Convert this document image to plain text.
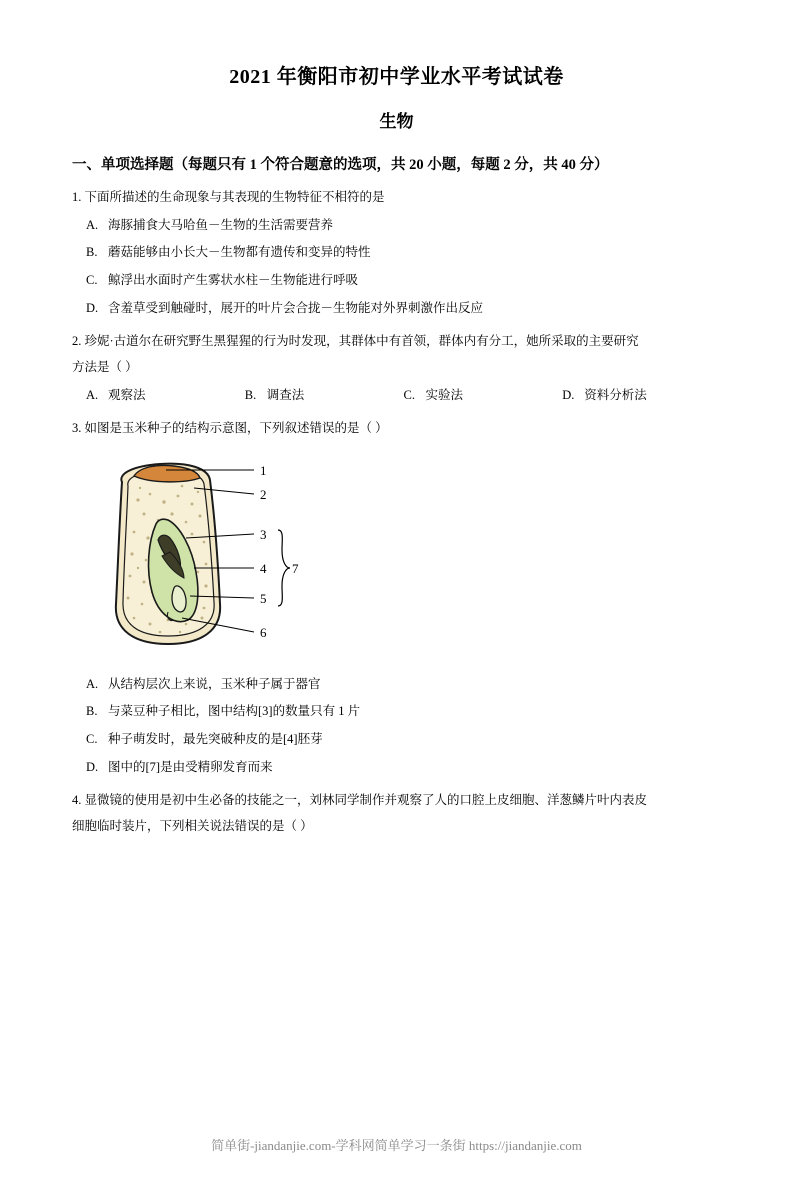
2021 年衡阳市初中学业水平考试试卷
生物
一、单项选择题（每题只有 1 个符合题意的选项，共 20 小题，每题 2 分，共 40 分）
1. 下面所描述的生命现象与其表现的生物特征不相符的是
A. 海豚捕食大马哈鱼－生物的生活需要营养
B. 蘑菇能够由小长大－生物都有遗传和变异的特性
C. 鲸浮出水面时产生雾状水柱－生物能进行呼吸
D. 含羞草受到触碰时，展开的叶片会合拢－生物能对外界刺激作出反应
2. 珍妮·古道尔在研究野生黑猩猩的行为时发现，其群体中有首领，群体内有分工，她所采取的主要研究
方法是（ ）
A. 观察法	B. 调查法	C. 实验法	D. 资料分析法
3. 如图是玉米种子的结构示意图，下列叙述错误的是（ ）
1
2
3
4
5
6
7
A. 从结构层次上来说，玉米种子属于器官
B. 与菜豆种子相比，图中结构[3]的数量只有 1 片
C. 种子萌发时，最先突破种皮的是[4]胚芽
D. 图中的[7]是由受精卵发育而来
4. 显微镜的使用是初中生必备的技能之一，刘林同学制作并观察了人的口腔上皮细胞、洋葱鳞片叶内表皮
细胞临时装片，下列相关说法错误的是（ ）
简单街-jiandanjie.com-学科网简单学习一条街 https://jiandanjie.com
